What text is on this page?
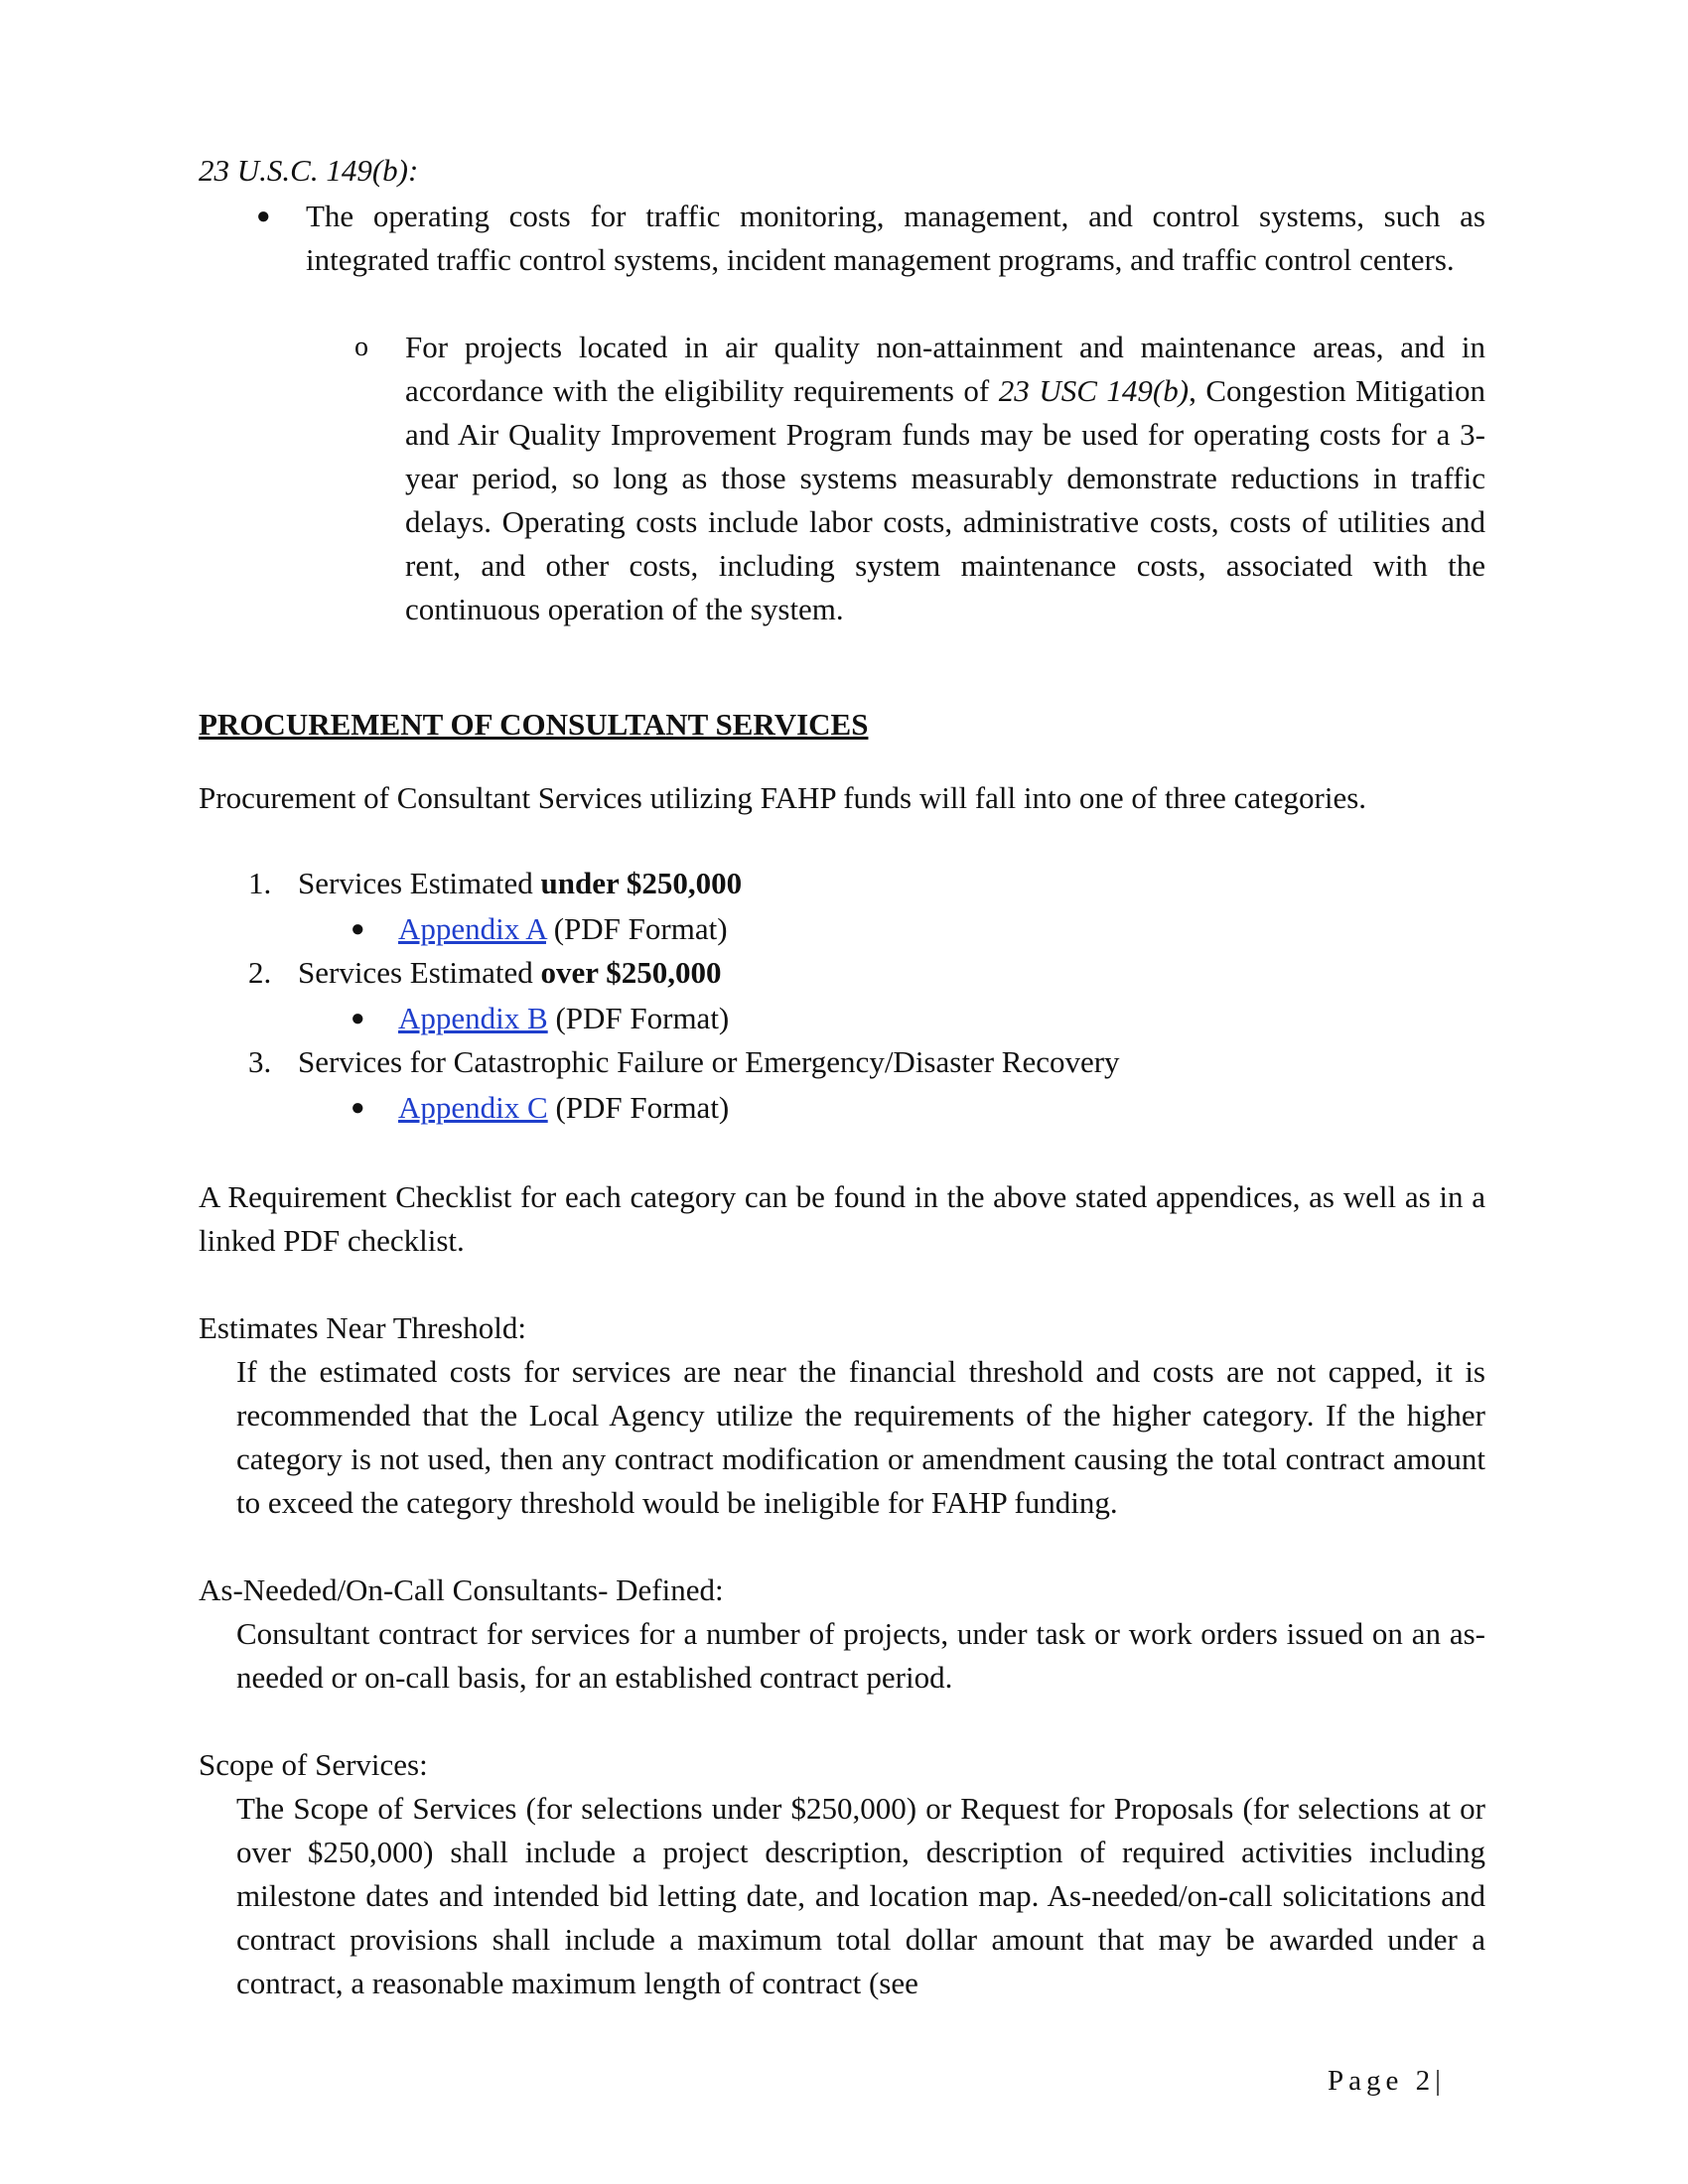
23 U.S.C. 149(b):

● The operating costs for traffic monitoring, management, and control systems, such as integrated traffic control systems, incident management programs, and traffic control centers.

o For projects located in air quality non-attainment and maintenance areas, and in accordance with the eligibility requirements of 23 USC 149(b), Congestion Mitigation and Air Quality Improvement Program funds may be used for operating costs for a 3-year period, so long as those systems measurably demonstrate reductions in traffic delays. Operating costs include labor costs, administrative costs, costs of utilities and rent, and other costs, including system maintenance costs, associated with the continuous operation of the system.

PROCUREMENT OF CONSULTANT SERVICES

Procurement of Consultant Services utilizing FAHP funds will fall into one of three categories.

1. Services Estimated under $250,000

● Appendix A (PDF Format)

2. Services Estimated over $250,000

● Appendix B (PDF Format)

3. Services for Catastrophic Failure or Emergency/Disaster Recovery

● Appendix C (PDF Format)

A Requirement Checklist for each category can be found in the above stated appendices, as well as in a linked PDF checklist.

Estimates Near Threshold:

If the estimated costs for services are near the financial threshold and costs are not capped, it is recommended that the Local Agency utilize the requirements of the higher category. If the higher category is not used, then any contract modification or amendment causing the total contract amount to exceed the category threshold would be ineligible for FAHP funding.

As-Needed/On-Call Consultants- Defined:

Consultant contract for services for a number of projects, under task or work orders issued on an as-needed or on-call basis, for an established contract period.

Scope of Services:

The Scope of Services (for selections under $250,000) or Request for Proposals (for selections at or over $250,000) shall include a project description, description of required activities including milestone dates and intended bid letting date, and location map. As-needed/on-call solicitations and contract provisions shall include a maximum total dollar amount that may be awarded under a contract, a reasonable maximum length of contract (see

Page 2|
